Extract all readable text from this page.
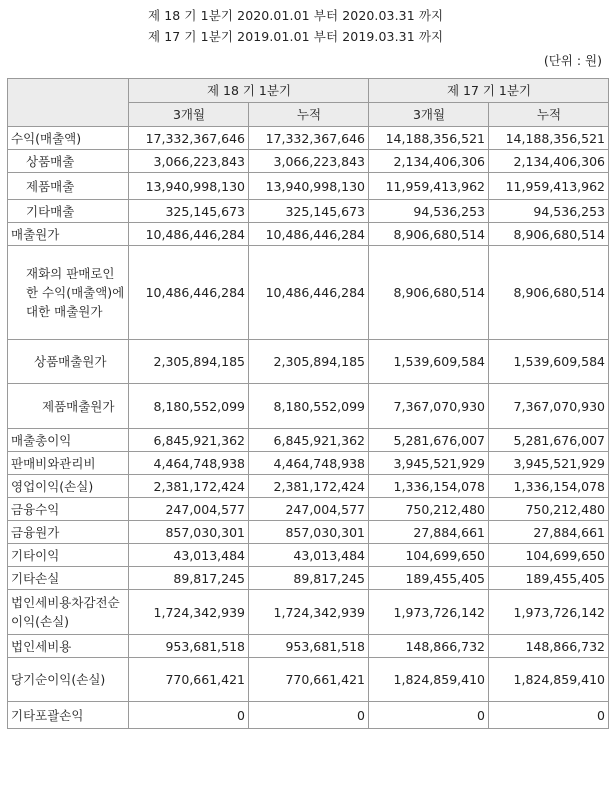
제 18 기 1분기 2020.01.01 부터 2020.03.31 까지
제 17 기 1분기 2019.01.01 부터 2019.03.31 까지
(단위 : 원)
	제 18 기 1분기		제 17 기 1분기	
	3개월	누적	3개월	누적
수익(매출액)	17,332,367,646	17,332,367,646	14,188,356,521	14,188,356,521
상품매출	3,066,223,843	3,066,223,843	2,134,406,306	2,134,406,306
제품매출	13,940,998,130	13,940,998,130	11,959,413,962	11,959,413,962
기타매출	325,145,673	325,145,673	94,536,253	94,536,253
매출원가	10,486,446,284	10,486,446,284	8,906,680,514	8,906,680,514
재화의 판매로인한 수익(매출액)에 대한 매출원가	10,486,446,284	10,486,446,284	8,906,680,514	8,906,680,514
상품매출원가	2,305,894,185	2,305,894,185	1,539,609,584	1,539,609,584
제품매출원가	8,180,552,099	8,180,552,099	7,367,070,930	7,367,070,930
매출총이익	6,845,921,362	6,845,921,362	5,281,676,007	5,281,676,007
판매비와관리비	4,464,748,938	4,464,748,938	3,945,521,929	3,945,521,929
영업이익(손실)	2,381,172,424	2,381,172,424	1,336,154,078	1,336,154,078
금융수익	247,004,577	247,004,577	750,212,480	750,212,480
금융원가	857,030,301	857,030,301	27,884,661	27,884,661
기타이익	43,013,484	43,013,484	104,699,650	104,699,650
기타손실	89,817,245	89,817,245	189,455,405	189,455,405
법인세비용차감전순이익(손실)	1,724,342,939	1,724,342,939	1,973,726,142	1,973,726,142
법인세비용	953,681,518	953,681,518	148,866,732	148,866,732
당기순이익(손실)	770,661,421	770,661,421	1,824,859,410	1,824,859,410
기타포괄손익	0	0	0	0
